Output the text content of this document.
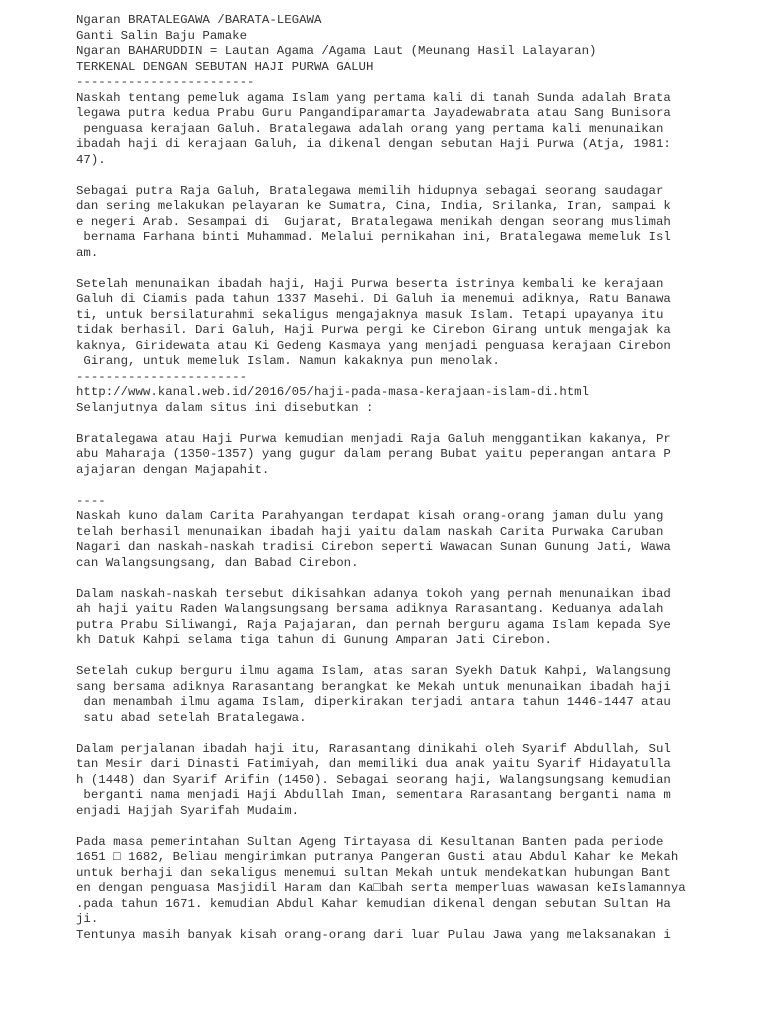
Ngaran BRATALEGAWA /BARATA-LEGAWA
Ganti Salin Baju Pamake
Ngaran BAHARUDDIN = Lautan Agama /Agama Laut (Meunang Hasil Lalayaran)
TERKENAL DENGAN SEBUTAN HAJI PURWA GALUH
------------------------
Naskah tentang pemeluk agama Islam yang pertama kali di tanah Sunda adalah Brata
legawa putra kedua Prabu Guru Pangandiparamarta Jayadewabrata atau Sang Bunisora
penguasa kerajaan Galuh. Bratalegawa adalah orang yang pertama kali menunaikan
ibadah haji di kerajaan Galuh, ia dikenal dengan sebutan Haji Purwa (Atja, 1981:
47).
Sebagai putra Raja Galuh, Bratalegawa memilih hidupnya sebagai seorang saudagar
dan sering melakukan pelayaran ke Sumatra, Cina, India, Srilanka, Iran, sampai k
e negeri Arab. Sesampai di  Gujarat, Bratalegawa menikah dengan seorang muslimah
bernama Farhana binti Muhammad. Melalui pernikahan ini, Bratalegawa memeluk Isl
am.
Setelah menunaikan ibadah haji, Haji Purwa beserta istrinya kembali ke kerajaan
Galuh di Ciamis pada tahun 1337 Masehi. Di Galuh ia menemui adiknya, Ratu Banawa
ti, untuk bersilaturahmi sekaligus mengajaknya masuk Islam. Tetapi upayanya itu
tidak berhasil. Dari Galuh, Haji Purwa pergi ke Cirebon Girang untuk mengajak ka
kaknya, Giridewata atau Ki Gedeng Kasmaya yang menjadi penguasa kerajaan Cirebon
Girang, untuk memeluk Islam. Namun kakaknya pun menolak.
-----------------------
http://www.kanal.web.id/2016/05/haji-pada-masa-kerajaan-islam-di.html
Selanjutnya dalam situs ini disebutkan :
Bratalegawa atau Haji Purwa kemudian menjadi Raja Galuh menggantikan kakanya, Pr
abu Maharaja (1350-1357) yang gugur dalam perang Bubat yaitu peperangan antara P
ajajaran dengan Majapahit.
----
Naskah kuno dalam Carita Parahyangan terdapat kisah orang-orang jaman dulu yang
telah berhasil menunaikan ibadah haji yaitu dalam naskah Carita Purwaka Caruban
Nagari dan naskah-naskah tradisi Cirebon seperti Wawacan Sunan Gunung Jati, Wawa
can Walangsungsang, dan Babad Cirebon.
Dalam naskah-naskah tersebut dikisahkan adanya tokoh yang pernah menunaikan ibad
ah haji yaitu Raden Walangsungsang bersama adiknya Rarasantang. Keduanya adalah
putra Prabu Siliwangi, Raja Pajajaran, dan pernah berguru agama Islam kepada Sye
kh Datuk Kahpi selama tiga tahun di Gunung Amparan Jati Cirebon.
Setelah cukup berguru ilmu agama Islam, atas saran Syekh Datuk Kahpi, Walangsung
sang bersama adiknya Rarasantang berangkat ke Mekah untuk menunaikan ibadah haji
dan menambah ilmu agama Islam, diperkirakan terjadi antara tahun 1446-1447 atau
satu abad setelah Bratalegawa.
Dalam perjalanan ibadah haji itu, Rarasantang dinikahi oleh Syarif Abdullah, Sul
tan Mesir dari Dinasti Fatimiyah, dan memiliki dua anak yaitu Syarif Hidayatulla
h (1448) dan Syarif Arifin (1450). Sebagai seorang haji, Walangsungsang kemudian
berganti nama menjadi Haji Abdullah Iman, sementara Rarasantang berganti nama m
enjadi Hajjah Syarifah Mudaim.
Pada masa pemerintahan Sultan Ageng Tirtayasa di Kesultanan Banten pada periode
1651 □ 1682, Beliau mengirimkan putranya Pangeran Gusti atau Abdul Kahar ke Mekah
untuk berhaji dan sekaligus menemui sultan Mekah untuk mendekatkan hubungan Bant
en dengan penguasa Masjidil Haram dan Ka□bah serta memperluas wawasan keIslamannya
.pada tahun 1671. kemudian Abdul Kahar kemudian dikenal dengan sebutan Sultan Ha
ji.
Tentunya masih banyak kisah orang-orang dari luar Pulau Jawa yang melaksanakan i
